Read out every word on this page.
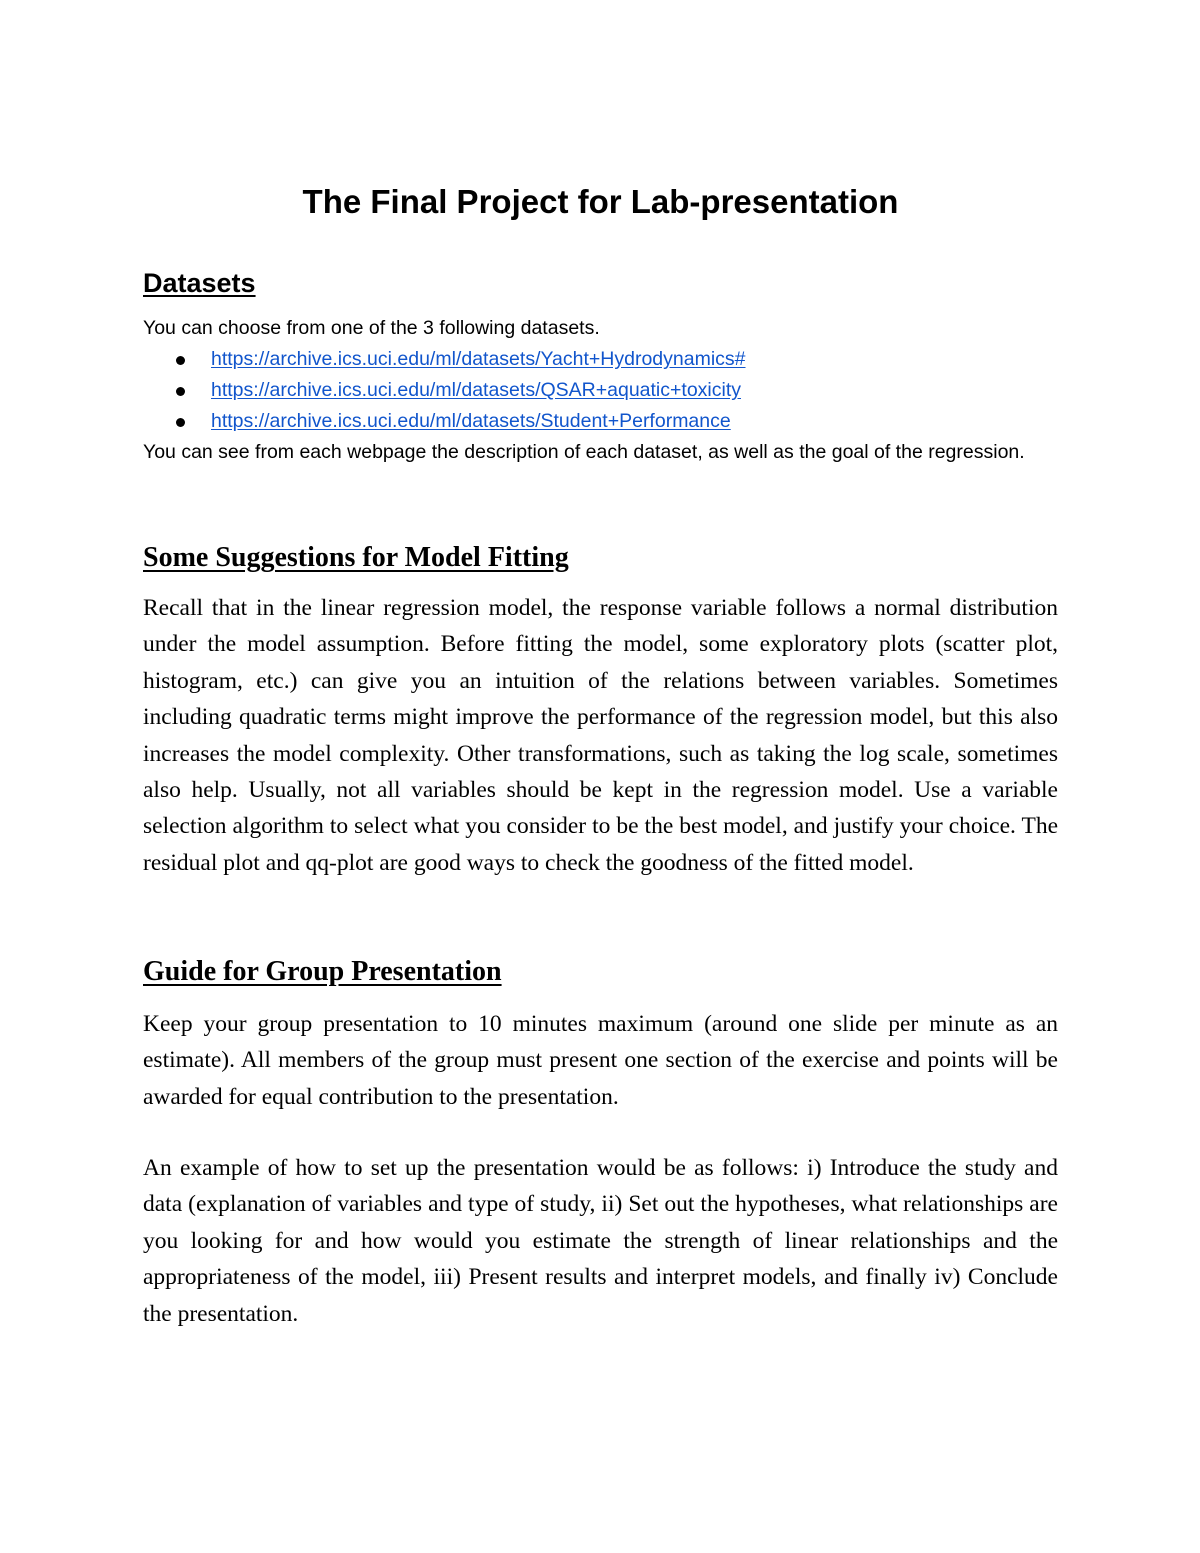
The Final Project for Lab-presentation
Datasets

You can choose from one of the 3 following datasets.

https://archive.ics.uci.edu/ml/datasets/Yacht+Hydrodynamics#
https://archive.ics.uci.edu/ml/datasets/QSAR+aquatic+toxicity
https://archive.ics.uci.edu/ml/datasets/Student+Performance

You can see from each webpage the description of each dataset, as well as the goal of the regression.

Some Suggestions for Model Fitting

Recall that in the linear regression model, the response variable follows a normal distribution under the model assumption. Before fitting the model, some exploratory plots (scatter plot, histogram, etc.) can give you an intuition of the relations between variables. Sometimes including quadratic terms might improve the performance of the regression model, but this also increases the model complexity. Other transformations, such as taking the log scale, sometimes also help. Usually, not all variables should be kept in the regression model. Use a variable selection algorithm to select what you consider to be the best model, and justify your choice. The residual plot and qq-plot are good ways to check the goodness of the fitted model.

Guide for Group Presentation

Keep your group presentation to 10 minutes maximum (around one slide per minute as an estimate). All members of the group must present one section of the exercise and points will be awarded for equal contribution to the presentation.

An example of how to set up the presentation would be as follows: i) Introduce the study and data (explanation of variables and type of study, ii) Set out the hypotheses, what relationships are you looking for and how would you estimate the strength of linear relationships and the appropriateness of the model, iii) Present results and interpret models, and finally iv) Conclude the presentation.
